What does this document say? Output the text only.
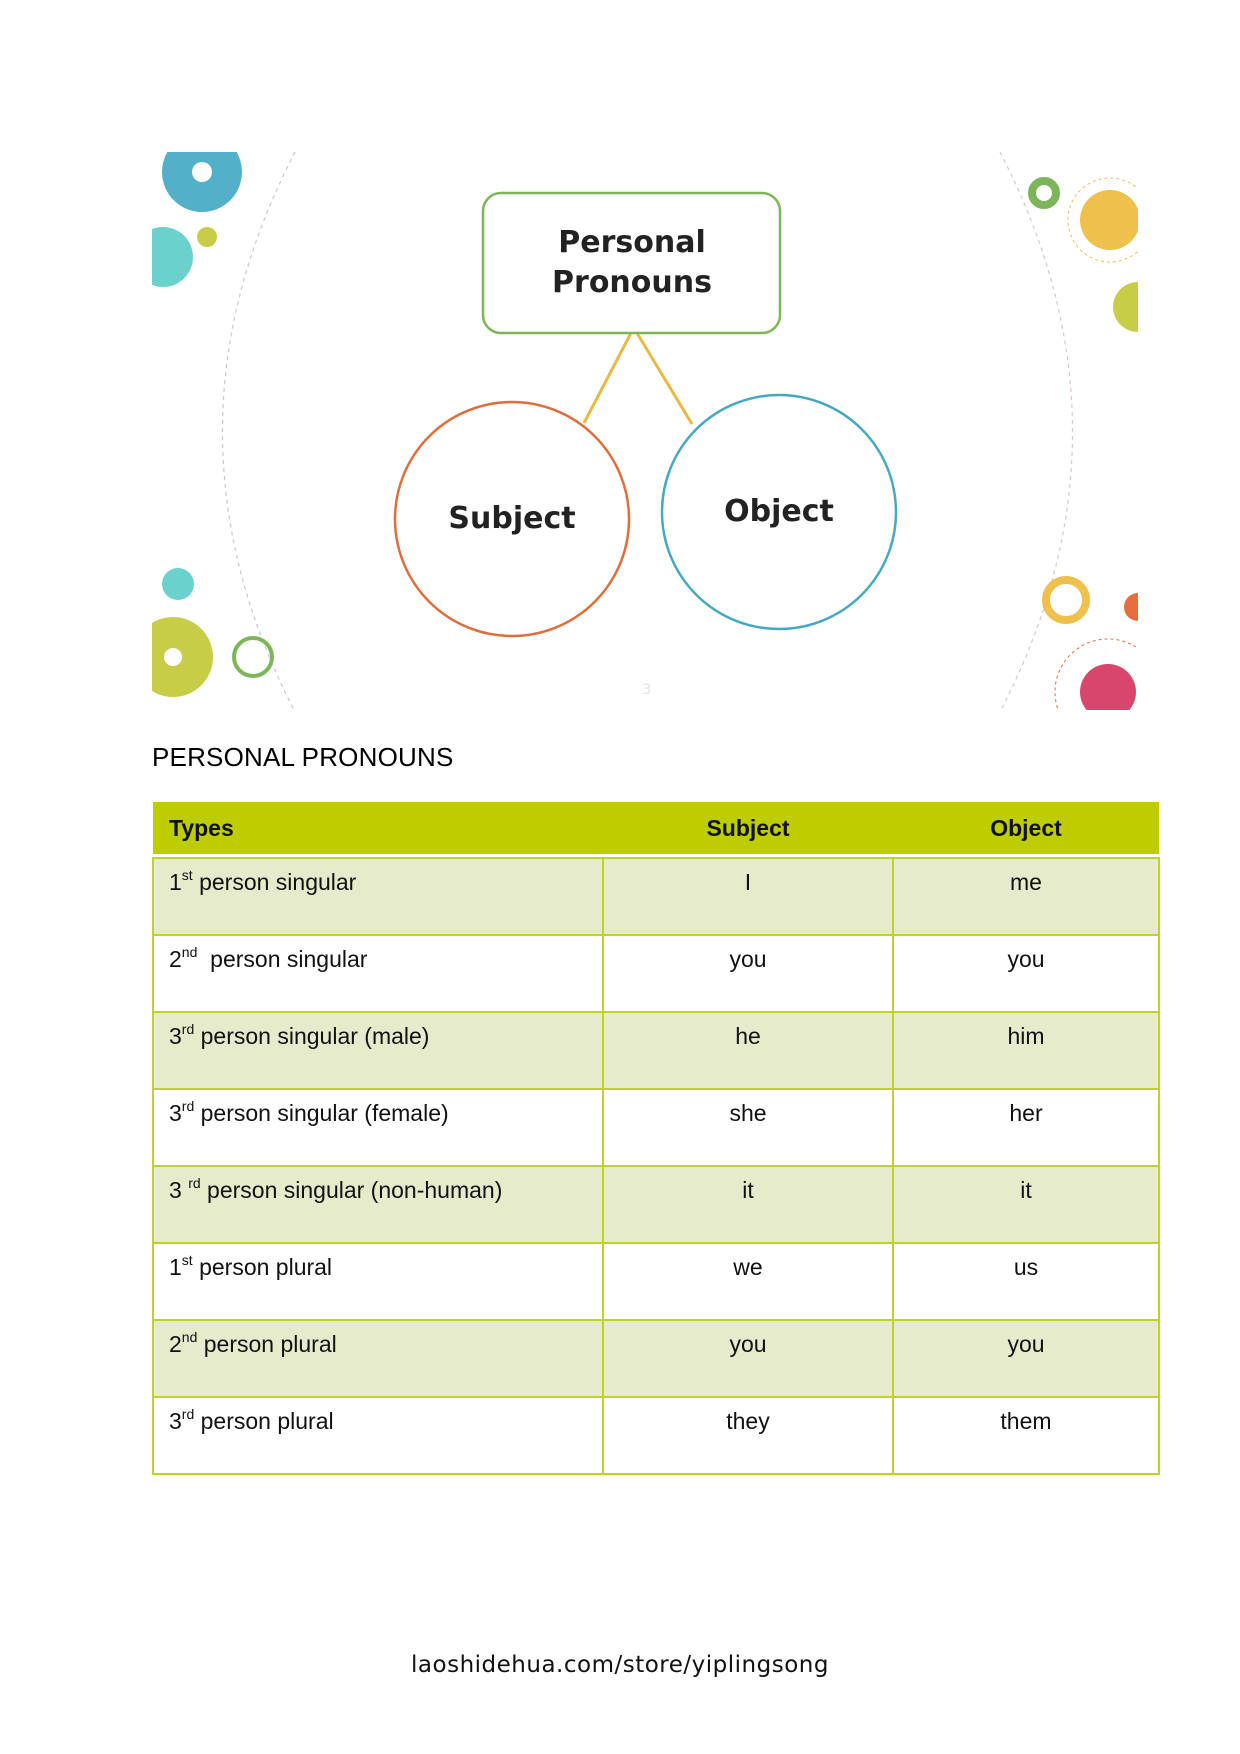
Personal
Pronouns
Subject	Object
3
PERSONAL PRONOUNS
Types	Subject	Object

1st person singular	I	me
2nd  person singular	you	you
3rd person singular (male)	he	him
3rd person singular (female)	she	her
3 $^{rd}$ person singular (non-human)	it	it
1st person plural	we	us
2nd person plural	you	you
3rd person plural	they	them
laoshidehua.com/store/yiplingsong
